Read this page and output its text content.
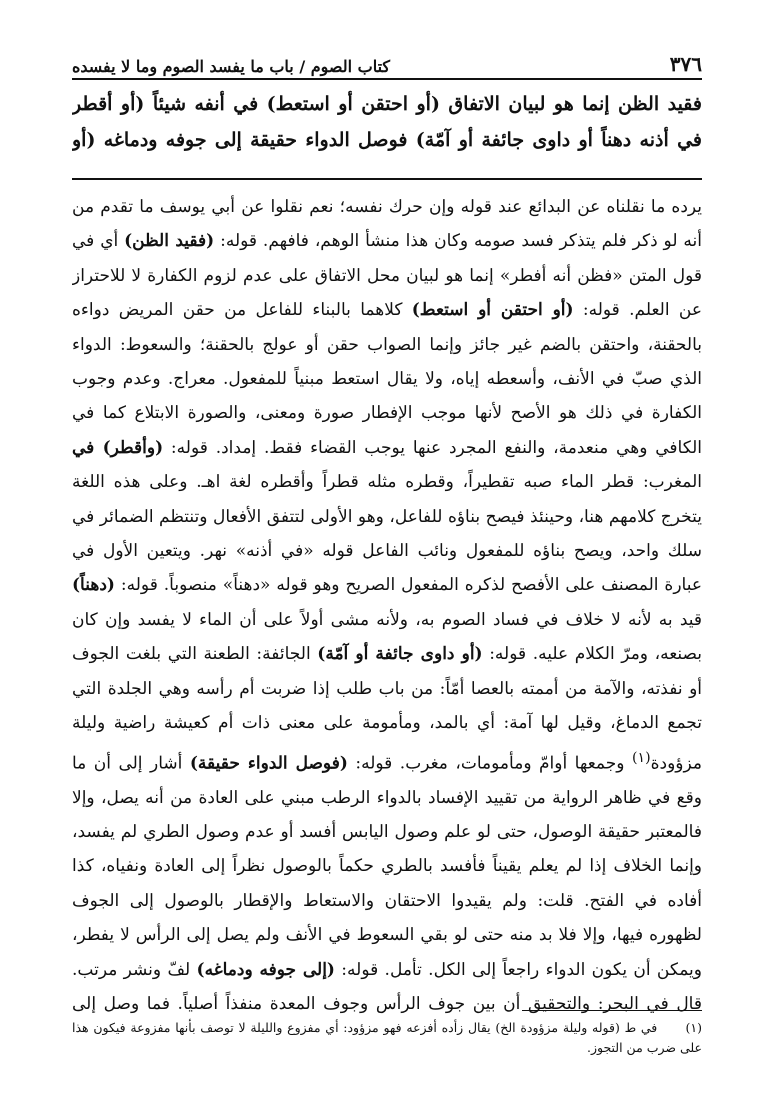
٣٧٦
كتاب الصوم / باب ما يفسد الصوم وما لا يفسده
فقيد الظن إنما هو لبيان الاتفاق (أو احتقن أو استعط) في أنفه شيئاً (أو أقطر في أذنه دهناً أو داوى جائفة أو آمّة) فوصل الدواء حقيقة إلى جوفه ودماغه (أو
يرده ما نقلناه عن البدائع عند قوله وإن حرك نفسه؛ نعم نقلوا عن أبي يوسف ما تقدم من أنه لو ذكر فلم يتذكر فسد صومه وكان هذا منشأ الوهم، فافهم. قوله: (فقيد الظن) أي في قول المتن «فظن أنه أفطر» إنما هو لبيان محل الاتفاق على عدم لزوم الكفارة لا للاحتراز عن العلم. قوله: (أو احتقن أو استعط) كلاهما بالبناء للفاعل من حقن المريض دواءه بالحقنة، واحتقن بالضم غير جائز وإنما الصواب حقن أو عولج بالحقنة؛ والسعوط: الدواء الذي صبّ في الأنف، وأسعطه إياه، ولا يقال استعط مبنياً للمفعول. معراج. وعدم وجوب الكفارة في ذلك هو الأصح لأنها موجب الإفطار صورة ومعنى، والصورة الابتلاع كما في الكافي وهي منعدمة، والنفع المجرد عنها يوجب القضاء فقط. إمداد. قوله: (وأقطر) في المغرب: قطر الماء صبه تقطيراً، وقطره مثله قطراً وأقطره لغة اهـ. وعلى هذه اللغة يتخرج كلامهم هنا، وحينئذ فيصح بناؤه للفاعل، وهو الأولى لتتفق الأفعال وتنتظم الضمائر في سلك واحد، ويصح بناؤه للمفعول ونائب الفاعل قوله «في أذنه» نهر. ويتعين الأول في عبارة المصنف على الأفصح لذكره المفعول الصريح وهو قوله «دهناً» منصوباً. قوله: (دهناً) قيد به لأنه لا خلاف في فساد الصوم به، ولأنه مشى أولاً على أن الماء لا يفسد وإن كان بصنعه، ومرّ الكلام عليه. قوله: (أو داوى جائفة أو آمّة) الجائفة: الطعنة التي بلغت الجوف أو نفذته، والآمة من أممته بالعصا أمّاً: من باب طلب إذا ضربت أم رأسه وهي الجلدة التي تجمع الدماغ، وقيل لها آمة: أي بالمد، ومأمومة على معنى ذات أم كعيشة راضية وليلة مزؤودة$^{(١)}$ وجمعها أوامّ ومأمومات، مغرب. قوله: (فوصل الدواء حقيقة) أشار إلى أن ما وقع في ظاهر الرواية من تقييد الإفساد بالدواء الرطب مبني على العادة من أنه يصل، وإلا فالمعتبر حقيقة الوصول، حتى لو علم وصول اليابس أفسد أو عدم وصول الطري لم يفسد، وإنما الخلاف إذا لم يعلم يقيناً فأفسد بالطري حكماً بالوصول نظراً إلى العادة ونفياه، كذا أفاده في الفتح. قلت: ولم يقيدوا الاحتقان والاستعاط والإقطار بالوصول إلى الجوف لظهوره فيها، وإلا فلا بد منه حتى لو بقي السعوط في الأنف ولم يصل إلى الرأس لا يفطر، ويمكن أن يكون الدواء راجعاً إلى الكل. تأمل. قوله: (إلى جوفه ودماغه) لفّ ونشر مرتب. قال في البحر: والتحقيق أن بين جوف الرأس وجوف المعدة منفذاً أصلياً. فما وصل إلى
(١) في ط (قوله وليلة مزؤودة الخ) يقال زأده أفزعه فهو مزؤود: أي مفزوع والليلة لا توصف بأنها مفزوعة فيكون هذا على ضرب من التجوز.
